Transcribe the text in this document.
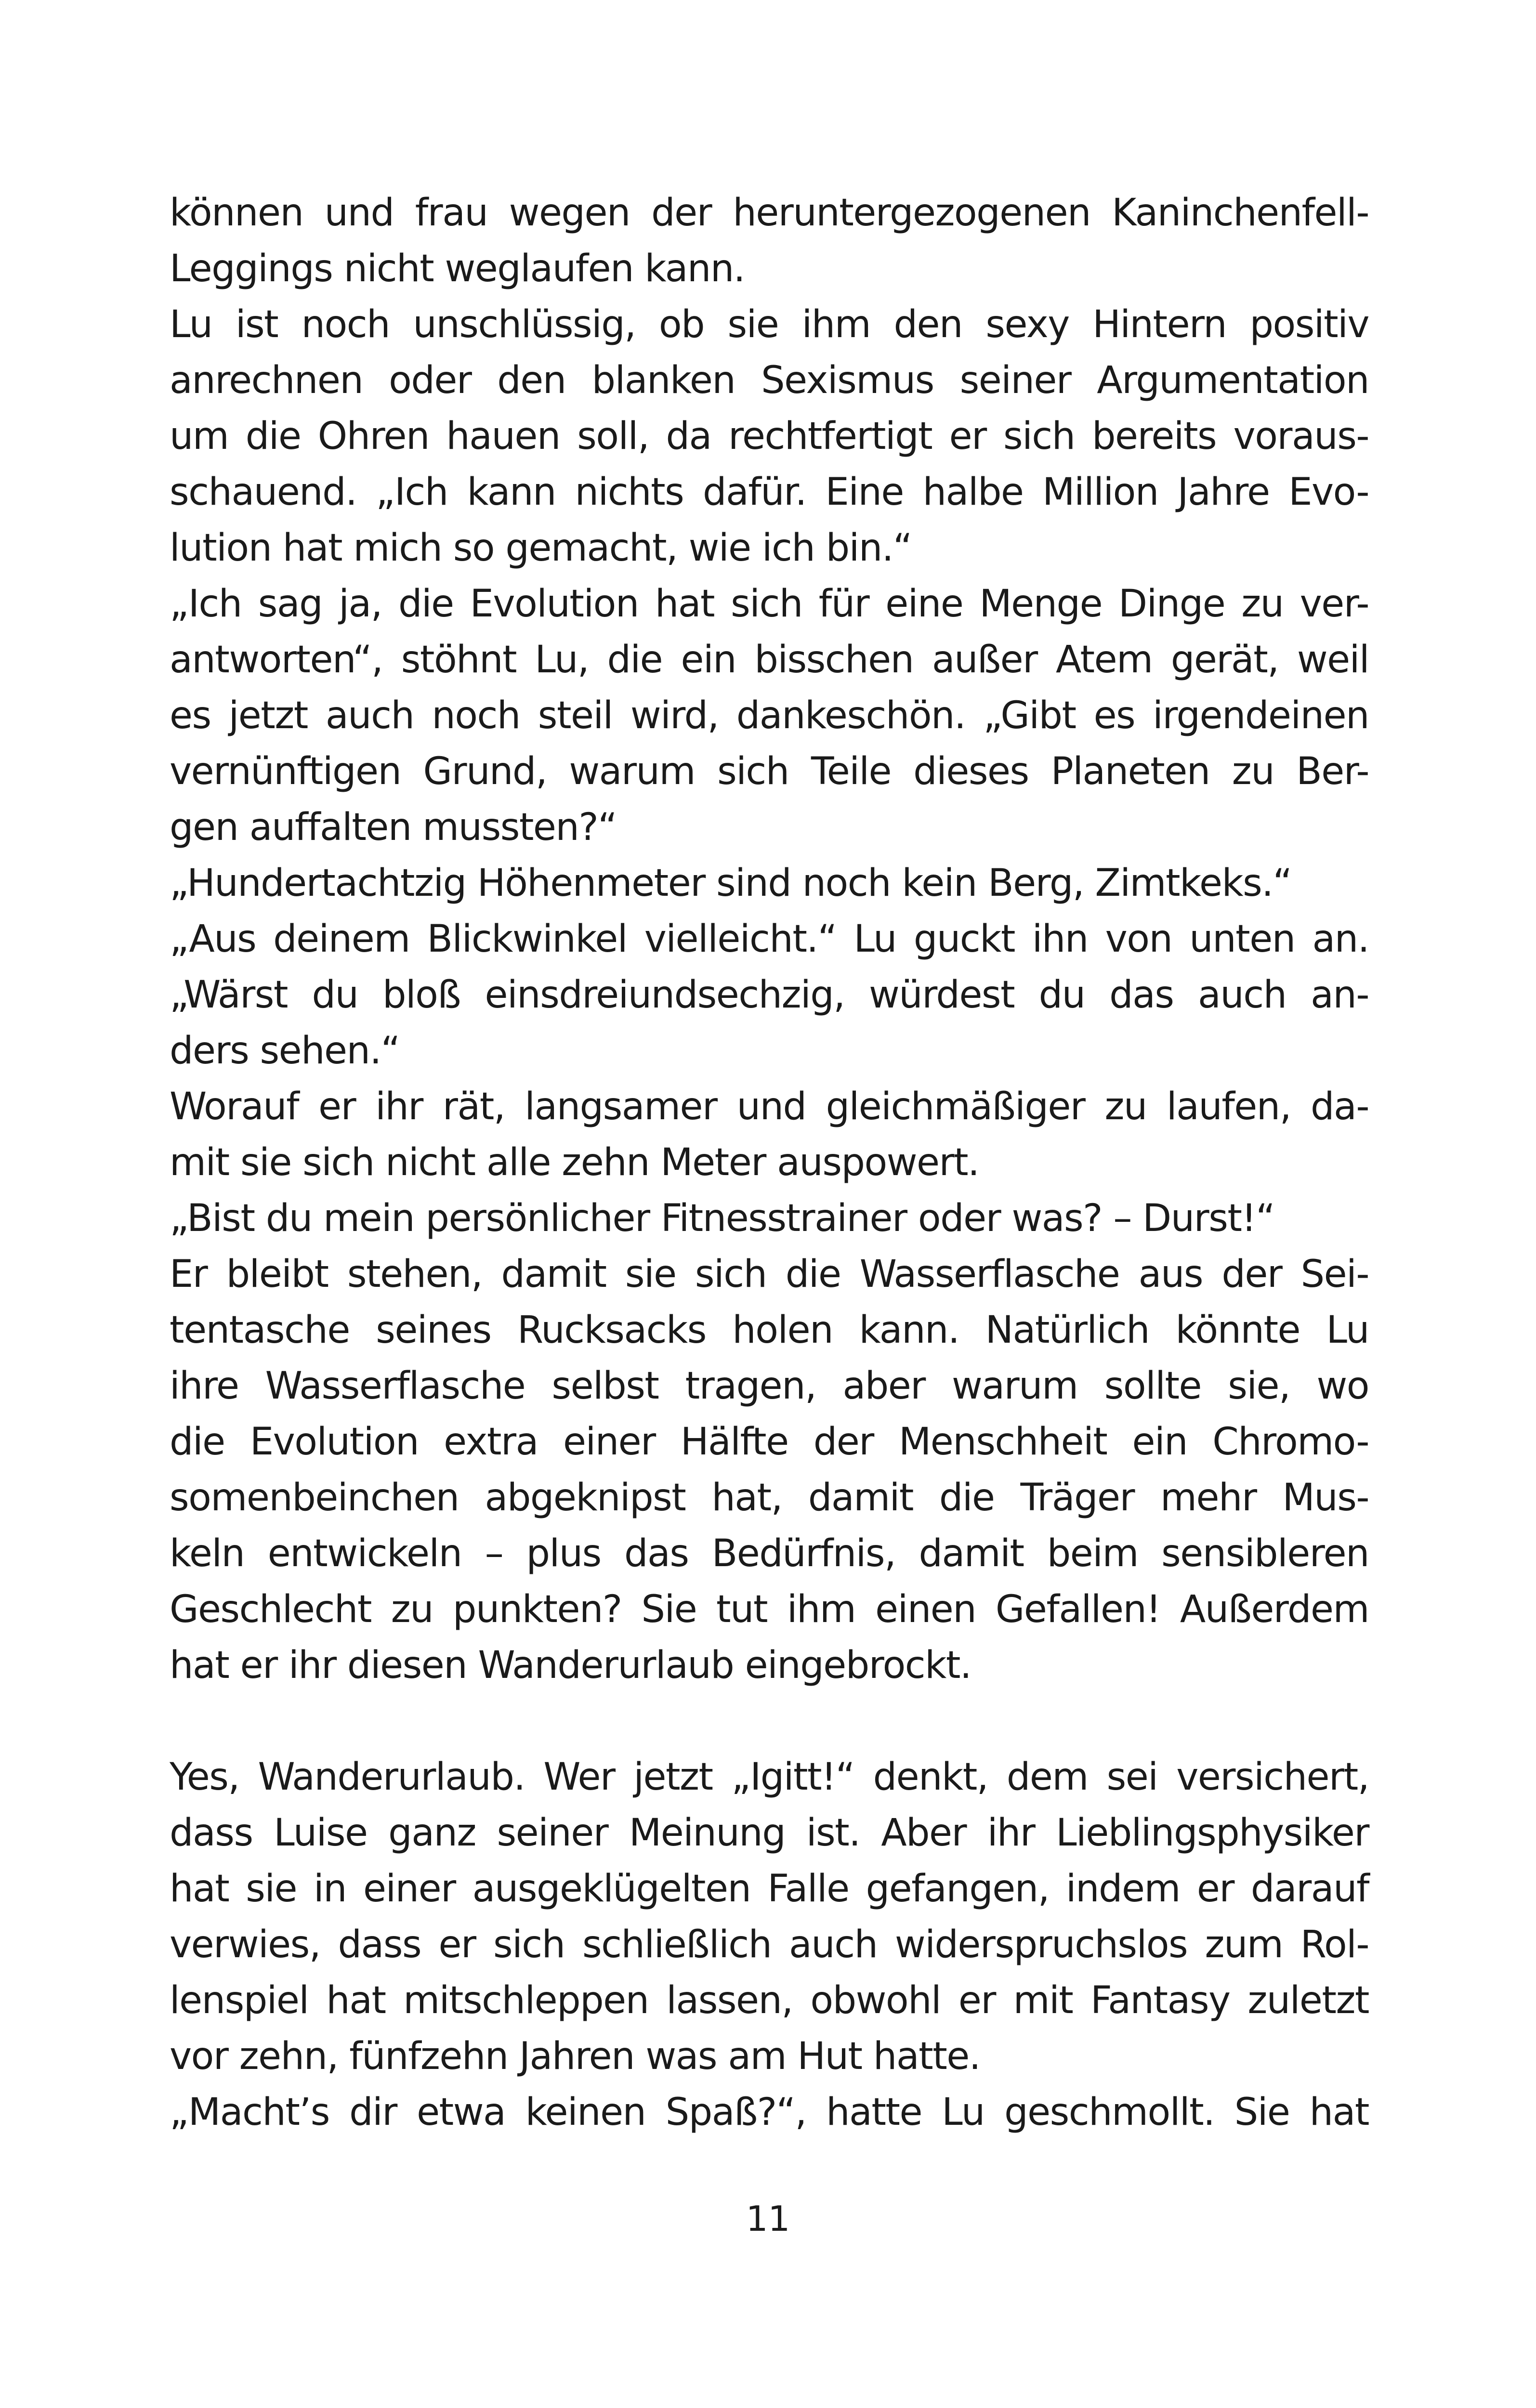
können und frau wegen der heruntergezogenen Kaninchenfell-
Leggings nicht weglaufen kann.
Lu ist noch unschlüssig, ob sie ihm den sexy Hintern positiv
anrechnen oder den blanken Sexismus seiner Argumentation
um die Ohren hauen soll, da rechtfertigt er sich bereits voraus-
schauend. „Ich kann nichts dafür. Eine halbe Million Jahre Evo-
lution hat mich so gemacht, wie ich bin.“
„Ich sag ja, die Evolution hat sich für eine Menge Dinge zu ver-
antworten“, stöhnt Lu, die ein bisschen außer Atem gerät, weil
es jetzt auch noch steil wird, dankeschön. „Gibt es irgendeinen
vernünftigen Grund, warum sich Teile dieses Planeten zu Ber-
gen auffalten mussten?“
„Hundertachtzig Höhenmeter sind noch kein Berg, Zimtkeks.“
„Aus deinem Blickwinkel vielleicht.“ Lu guckt ihn von unten an.
„Wärst du bloß einsdreiundsechzig, würdest du das auch an-
ders sehen.“
Worauf er ihr rät, langsamer und gleichmäßiger zu laufen, da-
mit sie sich nicht alle zehn Meter auspowert.
„Bist du mein persönlicher Fitnesstrainer oder was? – Durst!“
Er bleibt stehen, damit sie sich die Wasserflasche aus der Sei-
tentasche seines Rucksacks holen kann. Natürlich könnte Lu
ihre Wasserflasche selbst tragen, aber warum sollte sie, wo
die Evolution extra einer Hälfte der Menschheit ein Chromo-
somenbeinchen abgeknipst hat, damit die Träger mehr Mus-
keln entwickeln – plus das Bedürfnis, damit beim sensibleren
Geschlecht zu punkten? Sie tut ihm einen Gefallen! Außerdem
hat er ihr diesen Wanderurlaub eingebrockt.
Yes, Wanderurlaub. Wer jetzt „Igitt!“ denkt, dem sei versichert,
dass Luise ganz seiner Meinung ist. Aber ihr Lieblingsphysiker
hat sie in einer ausgeklügelten Falle gefangen, indem er darauf
verwies, dass er sich schließlich auch widerspruchslos zum Rol-
lenspiel hat mitschleppen lassen, obwohl er mit Fantasy zuletzt
vor zehn, fünfzehn Jahren was am Hut hatte.
„Macht’s dir etwa keinen Spaß?“, hatte Lu geschmollt. Sie hat
11
